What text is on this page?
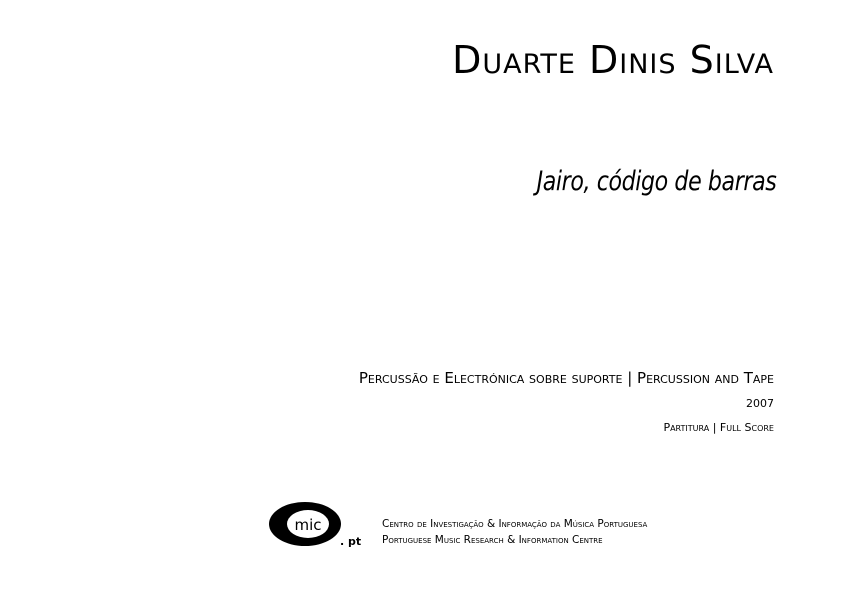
Duarte Dinis Silva
Jairo, código de barras
Percussão e Electrónica sobre suporte | Percussion and Tape
2007
Partitura | Full Score
mic
. pt
Centro de Investigação & Informação da Música Portuguesa
Portuguese Music Research & Information Centre
